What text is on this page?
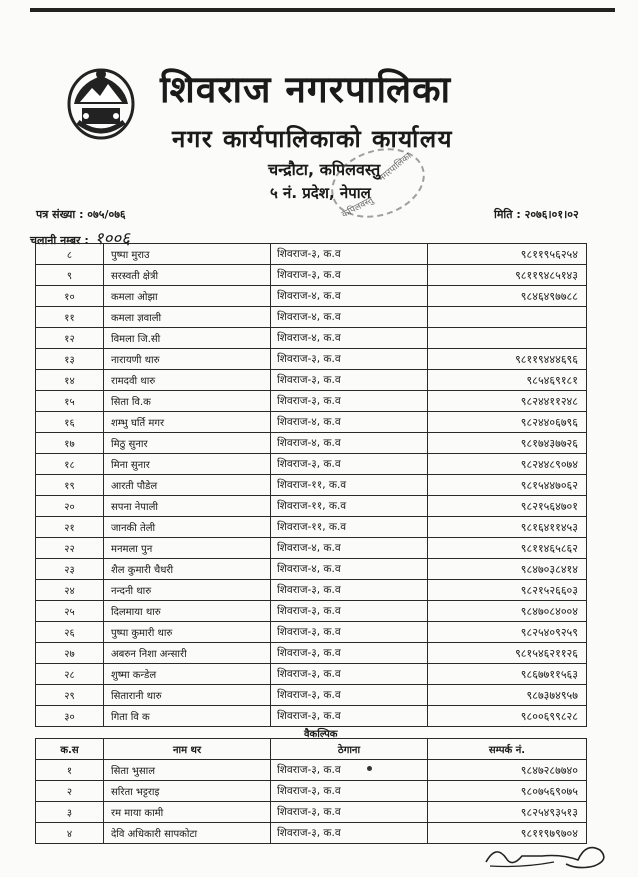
शिवराज नगरपालिका
नगर कार्यपालिकाको कार्यालय
चन्द्रौटा, कपिलवस्तु
५ नं. प्रदेश, नेपाल
नगरपालिका
कपिलवस्तु
पत्र संख्या : ०७५/०७६	मिति : २०७६।०१।०२
चलानी नम्बर : १००६
८	पुष्पा मुराउ	शिवराज-३, क.व	९८११९५६२५४
९	सरस्वती क्षेत्री	शिवराज-३, क.व	९८११९४८५१४३
१०	कमला ओझा	शिवराज-४, क.व	९८४६४९७७८८
११	कमला ज्ञवाली	शिवराज-४, क.व	
१२	विमला जि.सी	शिवराज-४, क.व	
१३	नारायणी थारु	शिवराज-३, क.व	९८११९४४४६९६
१४	रामदवी थारु	शिवराज-३, क.व	९८५४६९१८१
१५	सिता वि.क	शिवराज-३, क.व	९८२४४११२४८
१६	शम्भु घर्ति मगर	शिवराज-४, क.व	९८२४४०६७९६
१७	मिठु सुनार	शिवराज-४, क.व	९८१७४३७७२६
१८	मिना सुनार	शिवराज-३, क.व	९८२४४८९०७४
१९	आरती पौडेल	शिवराज-११, क.व	९८१५४४७०६२
२०	सपना नेपाली	शिवराज-११, क.व	९८२१५६४७०१
२१	जानकी तेली	शिवराज-११, क.व	९८१६४११४५३
२२	मनमला पुन	शिवराज-४, क.व	९८११४६५८६२
२३	शैल कुमारी चैधरी	शिवराज-४, क.व	९८४७०३८४१४
२४	नन्दनी थारु	शिवराज-३, क.व	९८२१५२६६०३
२५	दिलमाया थारु	शिवराज-३, क.व	९८४७०८४००४
२६	पुष्पा कुमारी थारु	शिवराज-३, क.व	९८२५४०९२५९
२७	अबरुन निशा अन्सारी	शिवराज-३, क.व	९८१५४६२११२६
२८	शुष्मा कन्डेल	शिवराज-३, क.व	९८६७७११५६३
२९	सितारानी थारु	शिवराज-३, क.व	९८७३७४९५७
३०	गिता वि क	शिवराज-३, क.व	९८००६९९८२८
वैकल्पिक
क.स	नाम थर	ठेगाना	सम्पर्क नं.
१	सिता भुसाल	शिवराज-३, क.व	९८४७२८७७४०
२	सरिता भट्टराइ	शिवराज-३, क.व	९८०७५६९०७५
३	रम माया कामी	शिवराज-३, क.व	९८२५४९३५१३
४	देवि अधिकारी सापकोटा	शिवराज-३, क.व	९८११९७९७०४
